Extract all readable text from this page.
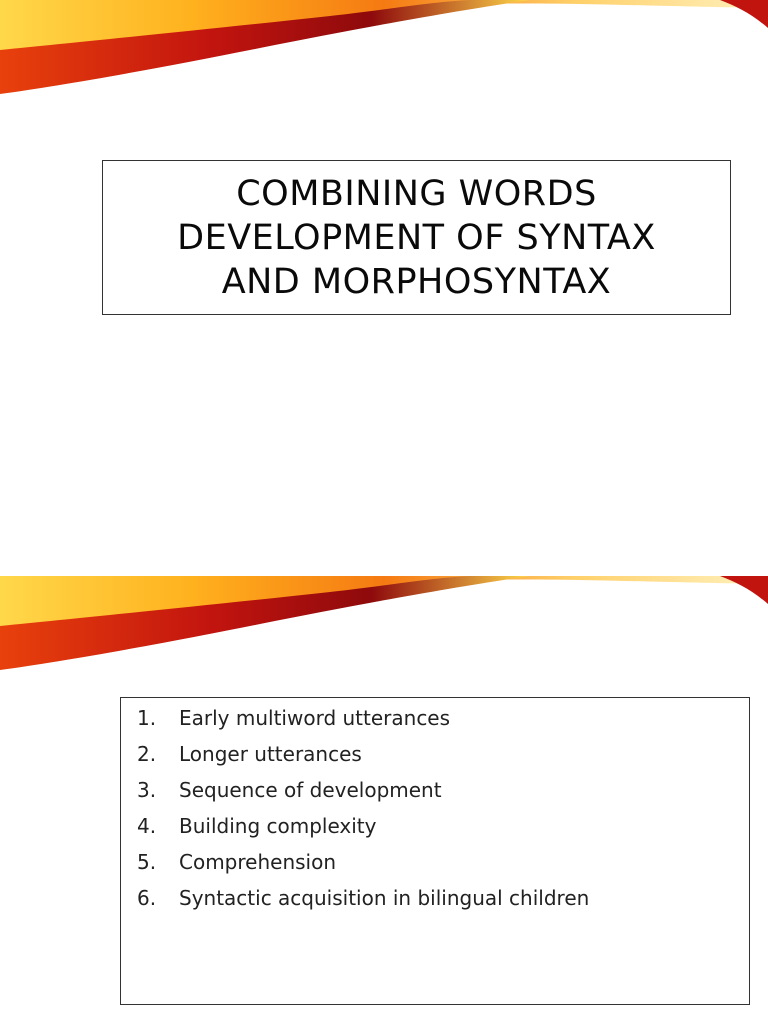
COMBINING WORDS
DEVELOPMENT OF SYNTAX
AND MORPHOSYNTAX
1.	Early multiword utterances
2.	Longer utterances
3.	Sequence of development
4.	Building complexity
5.	Comprehension
6.	Syntactic acquisition in bilingual children
